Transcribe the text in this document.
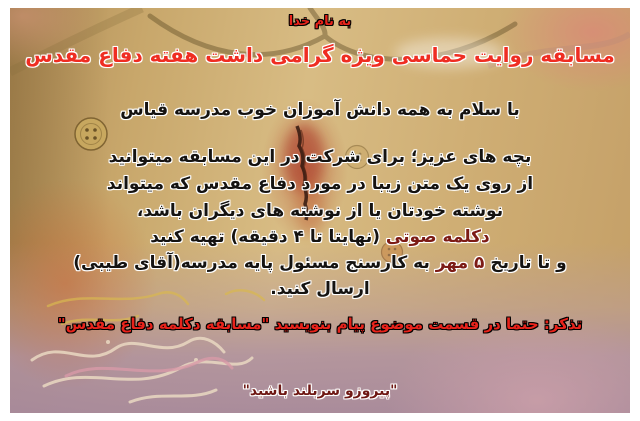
به نام خدا
مسابقه روایت حماسی ویژه گرامی داشت هفته دفاع مقدس
با سلام به همه دانش آموزان خوب مدرسه قیاس
بچه های عزیز؛ برای شرکت در این مسابقه میتوانید
از روی یک متن زیبا در مورد دفاع مقدس که میتواند
نوشته خودتان یا از نوشته های دیگران باشد،
دکلمه صوتی (نهایتا تا ۴ دقیقه) تهیه کنید
و تا تاریخ ۵ مهر به کارسنج مسئول پایه مدرسه(آقای طیبی)
ارسال کنید.
تذکر: حتما در قسمت موضوع پیام بنویسید "مسابقه دکلمه دفاع مقدس"
"پیروزو سربلند باشید"
